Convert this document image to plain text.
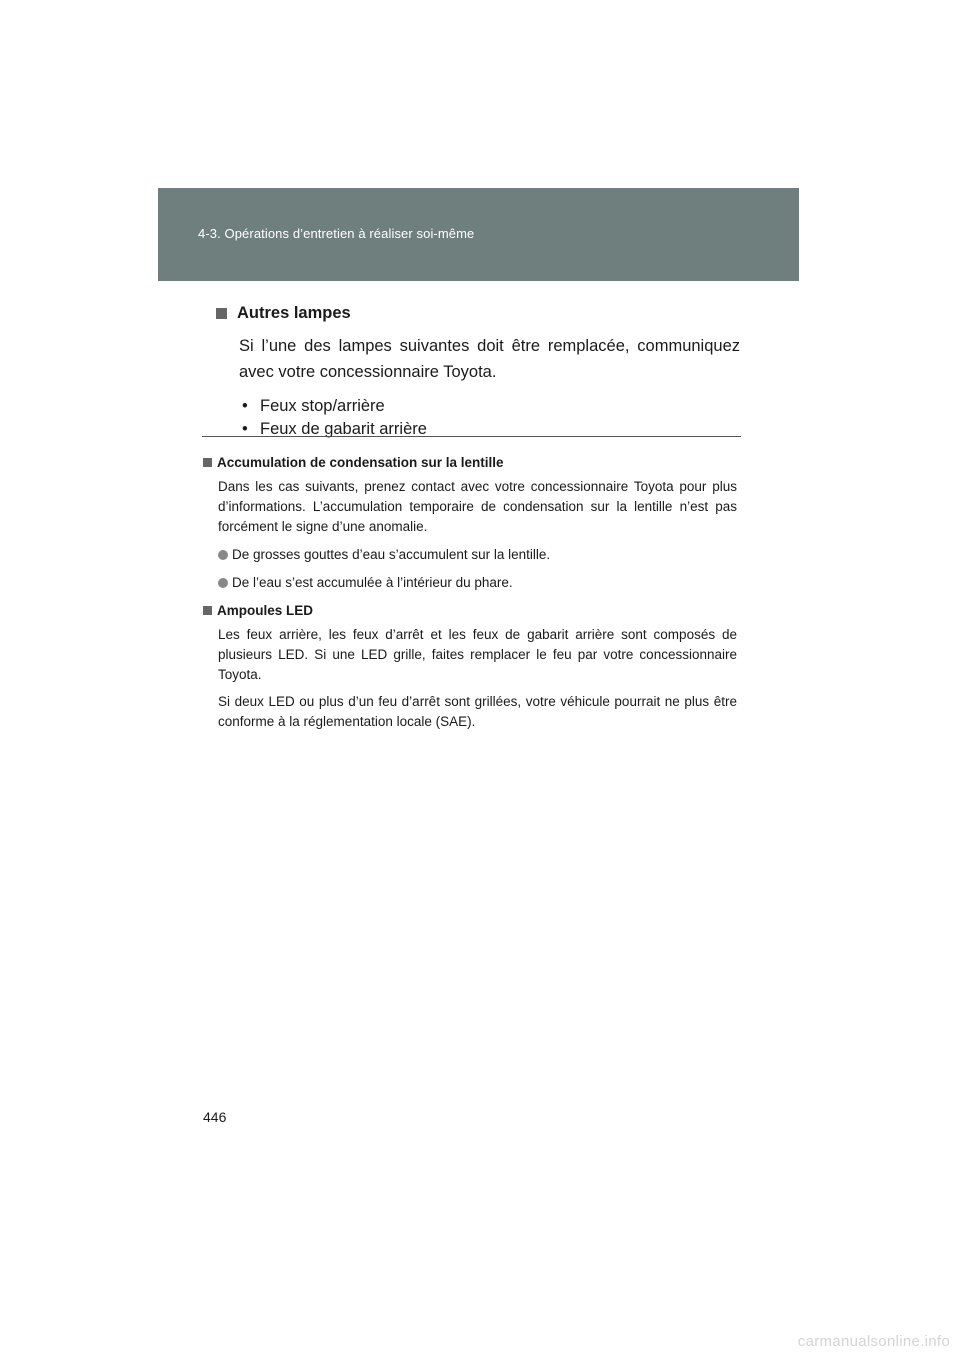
4-3. Opérations d’entretien à réaliser soi-même
Autres lampes

Si l’une des lampes suivantes doit être remplacée, communiquez avec votre concessionnaire Toyota.

• Feux stop/arrière
• Feux de gabarit arrière
Accumulation de condensation sur la lentille

Dans les cas suivants, prenez contact avec votre concessionnaire Toyota pour plus d’informations. L’accumulation temporaire de condensation sur la lentille n’est pas forcément le signe d’une anomalie.

De grosses gouttes d’eau s’accumulent sur la lentille.
De l’eau s’est accumulée à l’intérieur du phare.
Ampoules LED

Les feux arrière, les feux d’arrêt et les feux de gabarit arrière sont composés de plusieurs LED. Si une LED grille, faites remplacer le feu par votre concessionnaire Toyota.

Si deux LED ou plus d’un feu d’arrêt sont grillées, votre véhicule pourrait ne plus être conforme à la réglementation locale (SAE).

446
carmanualsonline.info
